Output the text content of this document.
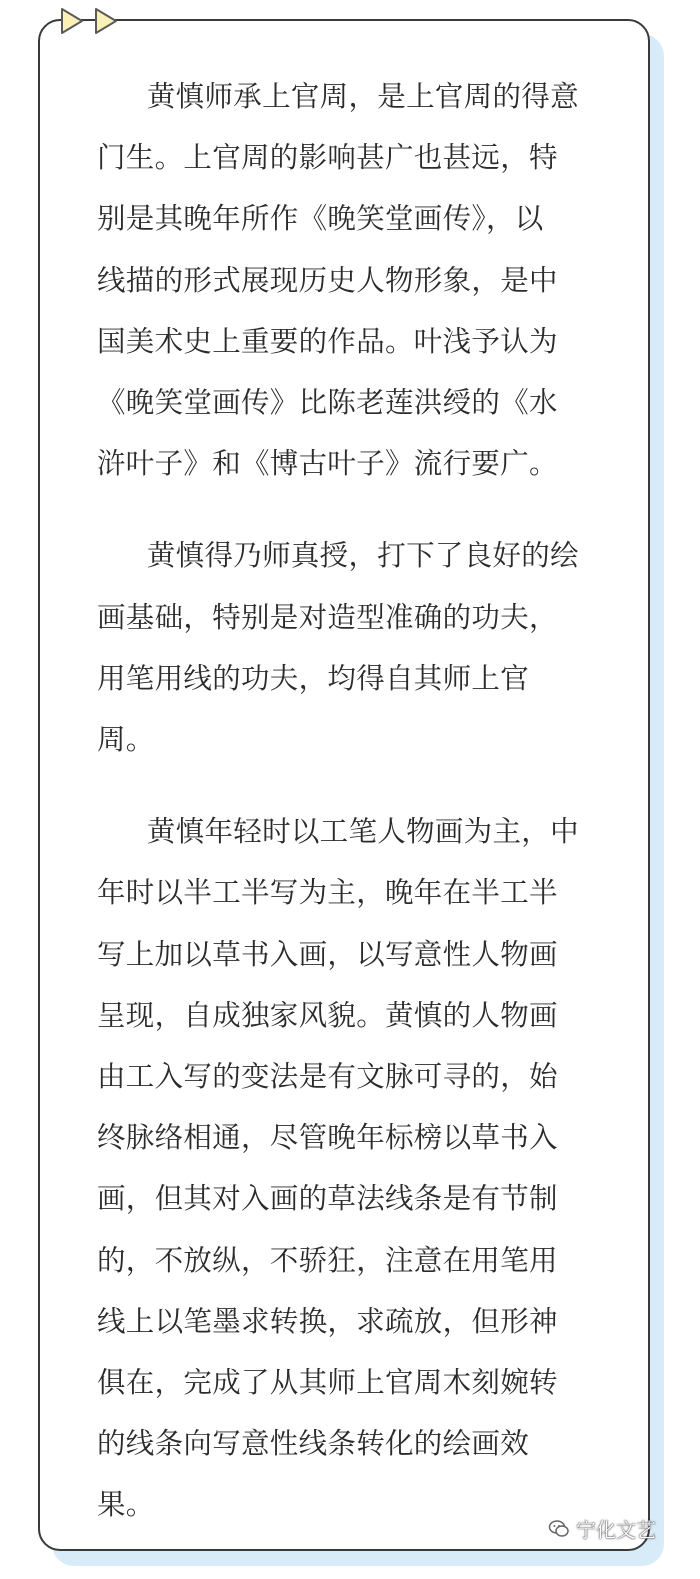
黄慎师承上官周，是上官周的得意
门生。上官周的影响甚广也甚远，特
别是其晚年所作《晚笑堂画传》，以
线描的形式展现历史人物形象，是中
国美术史上重要的作品。叶浅予认为
《晚笑堂画传》比陈老莲洪绶的《水
浒叶子》和《博古叶子》流行要广。

黄慎得乃师真授，打下了良好的绘
画基础，特别是对造型准确的功夫，
用笔用线的功夫，均得自其师上官
周。

黄慎年轻时以工笔人物画为主，中
年时以半工半写为主，晚年在半工半
写上加以草书入画，以写意性人物画
呈现，自成独家风貌。黄慎的人物画
由工入写的变法是有文脉可寻的，始
终脉络相通，尽管晚年标榜以草书入
画，但其对入画的草法线条是有节制
的，不放纵，不骄狂，注意在用笔用
线上以笔墨求转换，求疏放，但形神
俱在，完成了从其师上官周木刻婉转
的线条向写意性线条转化的绘画效
果。

宁化文艺
